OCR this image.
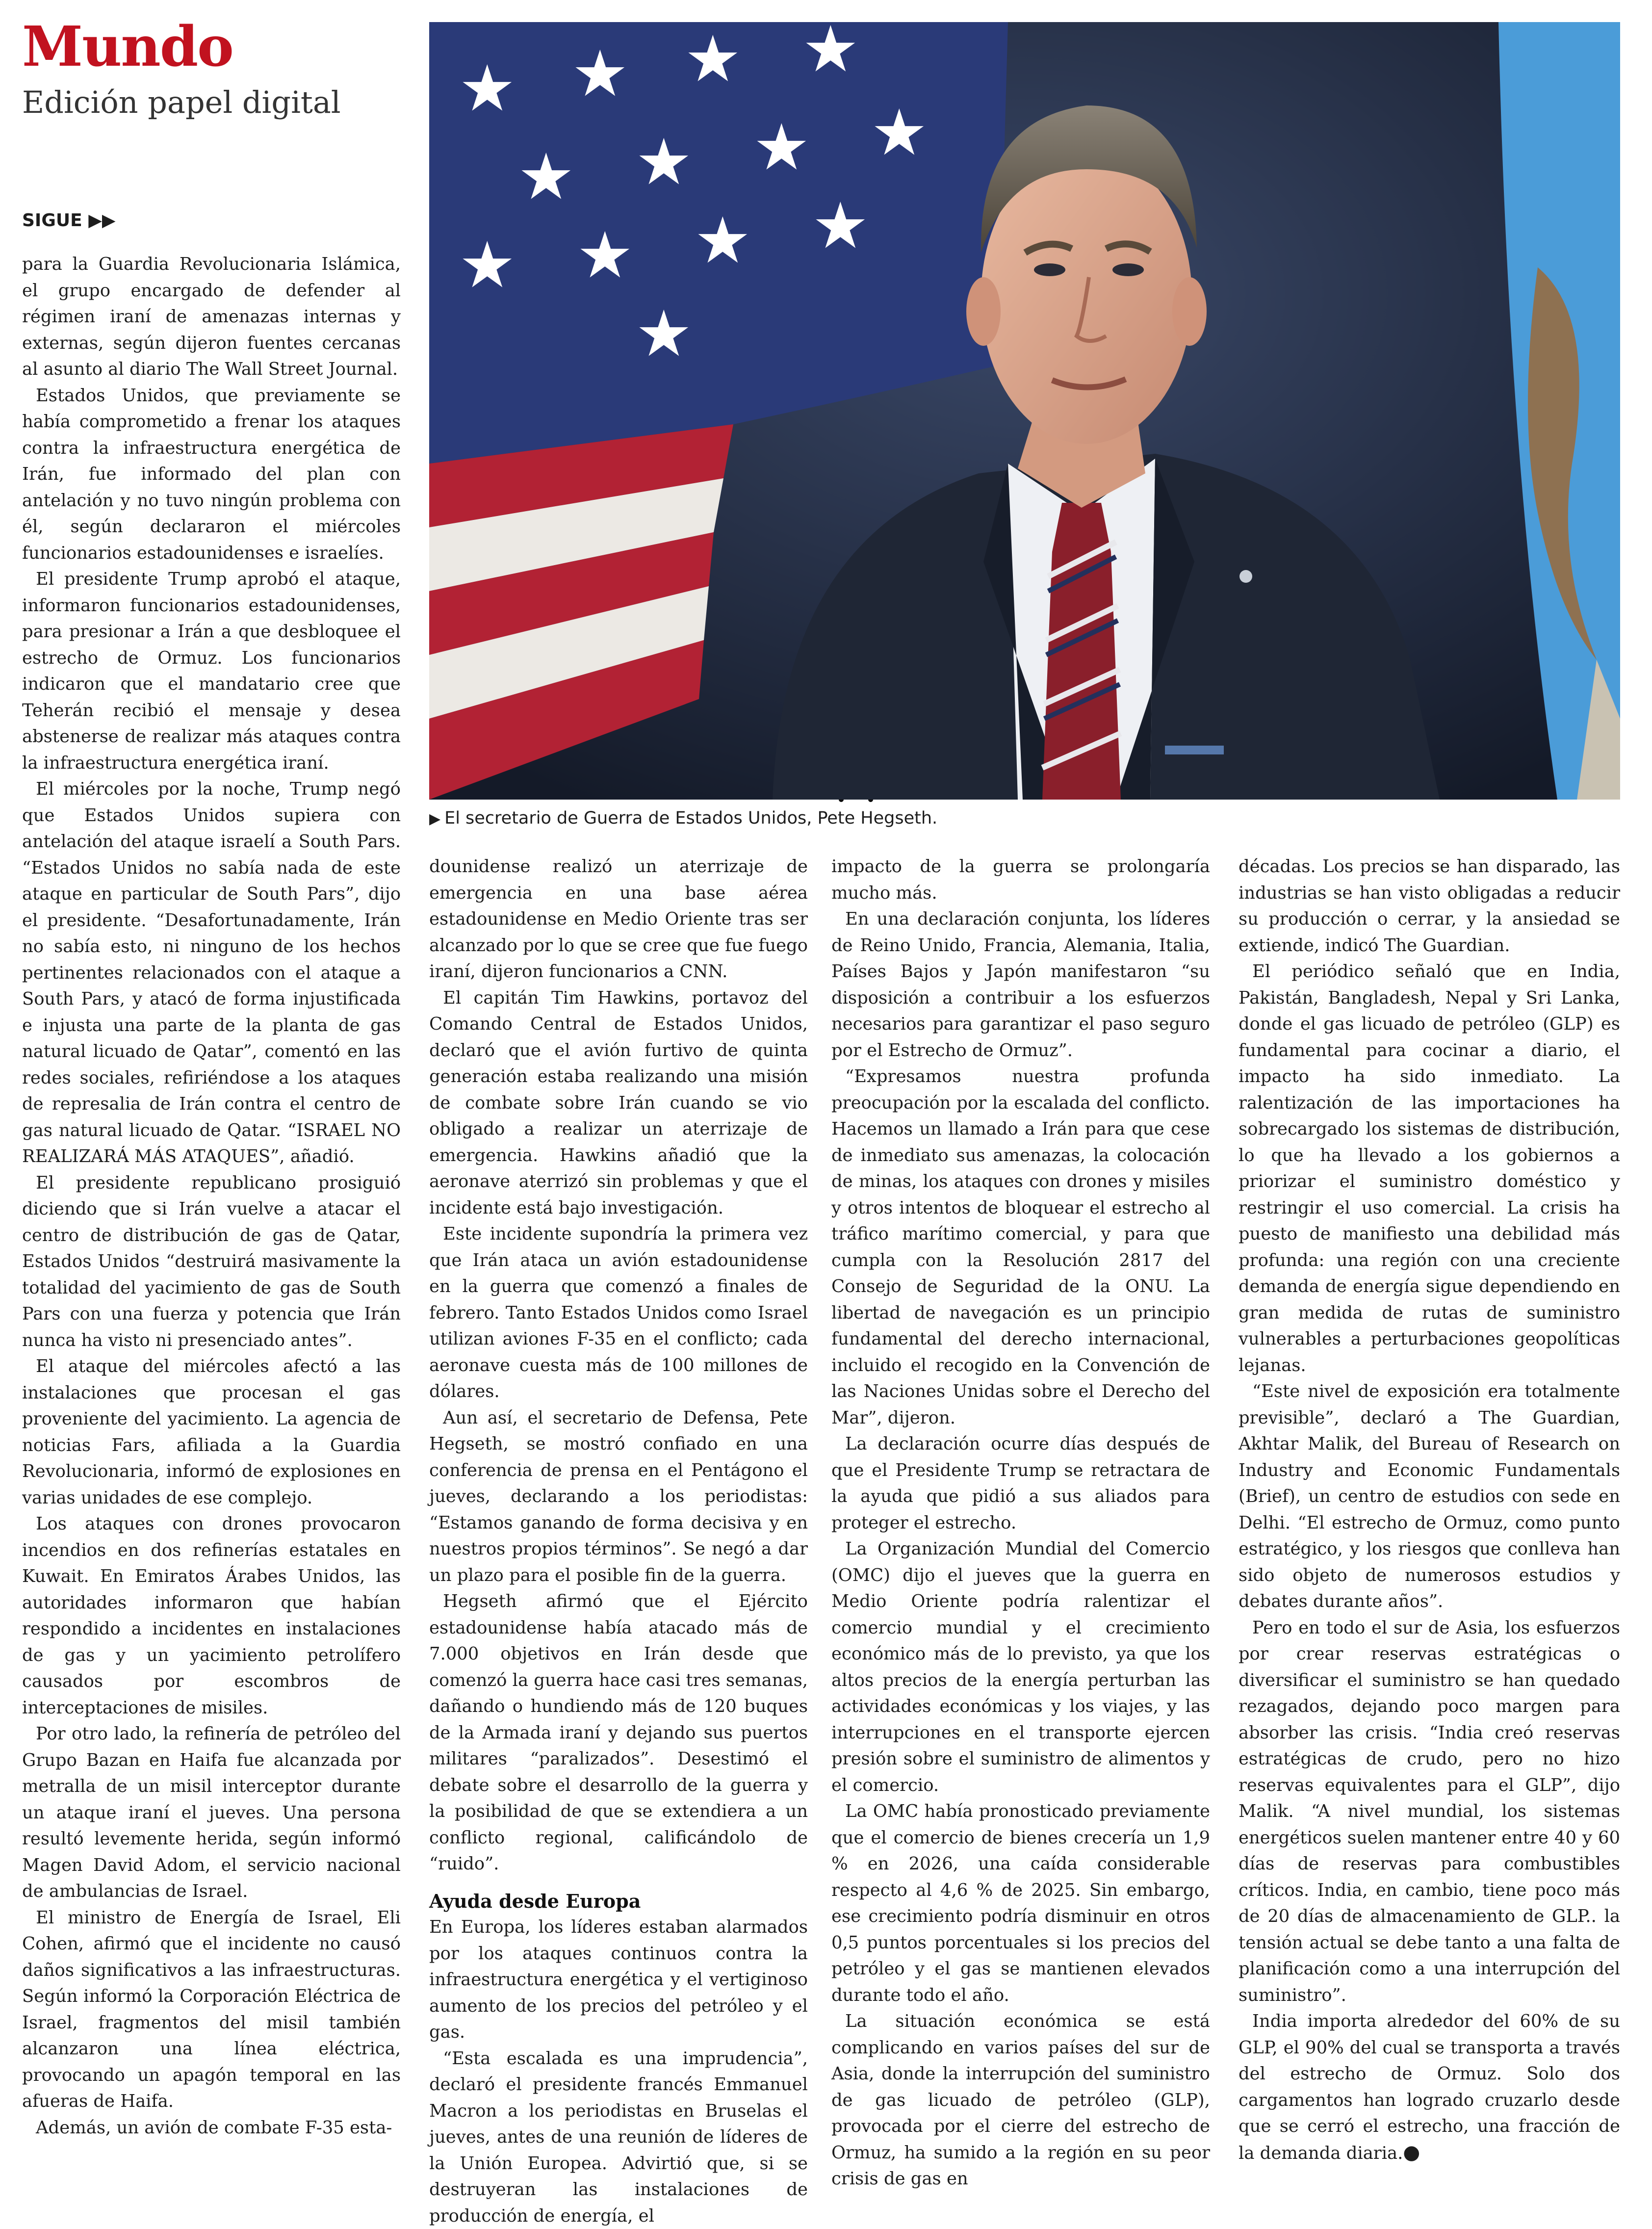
Mundo
Edición papel digital
SIGUE ▶▶
★ ★ ★ ★
★ ★ ★ ★
★ ★ ★ ★
★
▶ El secretario de Guerra de Estados Unidos, Pete Hegseth.

para la Guardia Revolucionaria Islámica, el grupo encargado de defender al régimen iraní de amenazas internas y externas, según dijeron fuentes cercanas al asunto al diario The Wall Street Journal.

Estados Unidos, que previamente se había comprometido a frenar los ataques contra la infraestructura energética de Irán, fue informado del plan con antelación y no tuvo ningún problema con él, según declararon el miércoles funcionarios estadounidenses e israelíes.

El presidente Trump aprobó el ataque, informaron funcionarios estadounidenses, para presionar a Irán a que desbloquee el estrecho de Ormuz. Los funcionarios indicaron que el mandatario cree que Teherán recibió el mensaje y desea abstenerse de realizar más ataques contra la infraestructura energética iraní.

El miércoles por la noche, Trump negó que Estados Unidos supiera con antelación del ataque israelí a South Pars. “Estados Unidos no sabía nada de este ataque en particular de South Pars”, dijo el presidente. “Desafortunadamente, Irán no sabía esto, ni ninguno de los hechos pertinentes relacionados con el ataque a South Pars, y atacó de forma injustificada e injusta una parte de la planta de gas natural licuado de Qatar”, comentó en las redes sociales, refiriéndose a los ataques de represalia de Irán contra el centro de gas natural licuado de Qatar. “ISRAEL NO REALIZARÁ MÁS ATAQUES”, añadió.

El presidente republicano prosiguió diciendo que si Irán vuelve a atacar el centro de distribución de gas de Qatar, Estados Unidos “destruirá masivamente la totalidad del yacimiento de gas de South Pars con una fuerza y potencia que Irán nunca ha visto ni presenciado antes”.

El ataque del miércoles afectó a las instalaciones que procesan el gas proveniente del yacimiento. La agencia de noticias Fars, afiliada a la Guardia Revolucionaria, informó de explosiones en varias unidades de ese complejo.

Los ataques con drones provocaron incendios en dos refinerías estatales en Kuwait. En Emiratos Árabes Unidos, las autoridades informaron que habían respondido a incidentes en instalaciones de gas y un yacimiento petrolífero causados por escombros de interceptaciones de misiles.

Por otro lado, la refinería de petróleo del Grupo Bazan en Haifa fue alcanzada por metralla de un misil interceptor durante un ataque iraní el jueves. Una persona resultó levemente herida, según informó Magen David Adom, el servicio nacional de ambulancias de Israel.

El ministro de Energía de Israel, Eli Cohen, afirmó que el incidente no causó daños significativos a las infraestructuras. Según informó la Corporación Eléctrica de Israel, fragmentos del misil también alcanzaron una línea eléctrica, provocando un apagón temporal en las afueras de Haifa.

Además, un avión de combate F-35 esta-

dounidense realizó un aterrizaje de emergencia en una base aérea estadounidense en Medio Oriente tras ser alcanzado por lo que se cree que fue fuego iraní, dijeron funcionarios a CNN.

El capitán Tim Hawkins, portavoz del Comando Central de Estados Unidos, declaró que el avión furtivo de quinta generación estaba realizando una misión de combate sobre Irán cuando se vio obligado a realizar un aterrizaje de emergencia. Hawkins añadió que la aeronave aterrizó sin problemas y que el incidente está bajo investigación.

Este incidente supondría la primera vez que Irán ataca un avión estadounidense en la guerra que comenzó a finales de febrero. Tanto Estados Unidos como Israel utilizan aviones F-35 en el conflicto; cada aeronave cuesta más de 100 millones de dólares.

Aun así, el secretario de Defensa, Pete Hegseth, se mostró confiado en una conferencia de prensa en el Pentágono el jueves, declarando a los periodistas: “Estamos ganando de forma decisiva y en nuestros propios términos”. Se negó a dar un plazo para el posible fin de la guerra.

Hegseth afirmó que el Ejército estadounidense había atacado más de 7.000 objetivos en Irán desde que comenzó la guerra hace casi tres semanas, dañando o hundiendo más de 120 buques de la Armada iraní y dejando sus puertos militares “paralizados”. Desestimó el debate sobre el desarrollo de la guerra y la posibilidad de que se extendiera a un conflicto regional, calificándolo de “ruido”.

Ayuda desde Europa

En Europa, los líderes estaban alarmados por los ataques continuos contra la infraestructura energética y el vertiginoso aumento de los precios del petróleo y el gas.

“Esta escalada es una imprudencia”, declaró el presidente francés Emmanuel Macron a los periodistas en Bruselas el jueves, antes de una reunión de líderes de la Unión Europea. Advirtió que, si se destruyeran las instalaciones de producción de energía, el

impacto de la guerra se prolongaría mucho más.

En una declaración conjunta, los líderes de Reino Unido, Francia, Alemania, Italia, Países Bajos y Japón manifestaron “su disposición a contribuir a los esfuerzos necesarios para garantizar el paso seguro por el Estrecho de Ormuz”.

“Expresamos nuestra profunda preocupación por la escalada del conflicto. Hacemos un llamado a Irán para que cese de inmediato sus amenazas, la colocación de minas, los ataques con drones y misiles y otros intentos de bloquear el estrecho al tráfico marítimo comercial, y para que cumpla con la Resolución 2817 del Consejo de Seguridad de la ONU. La libertad de navegación es un principio fundamental del derecho internacional, incluido el recogido en la Convención de las Naciones Unidas sobre el Derecho del Mar”, dijeron.

La declaración ocurre días después de que el Presidente Trump se retractara de la ayuda que pidió a sus aliados para proteger el estrecho.

La Organización Mundial del Comercio (OMC) dijo el jueves que la guerra en Medio Oriente podría ralentizar el comercio mundial y el crecimiento económico más de lo previsto, ya que los altos precios de la energía perturban las actividades económicas y los viajes, y las interrupciones en el transporte ejercen presión sobre el suministro de alimentos y el comercio.

La OMC había pronosticado previamente que el comercio de bienes crecería un 1,9 % en 2026, una caída considerable respecto al 4,6 % de 2025. Sin embargo, ese crecimiento podría disminuir en otros 0,5 puntos porcentuales si los precios del petróleo y el gas se mantienen elevados durante todo el año.

La situación económica se está complicando en varios países del sur de Asia, donde la interrupción del suministro de gas licuado de petróleo (GLP), provocada por el cierre del estrecho de Ormuz, ha sumido a la región en su peor crisis de gas en

décadas. Los precios se han disparado, las industrias se han visto obligadas a reducir su producción o cerrar, y la ansiedad se extiende, indicó The Guardian.

El periódico señaló que en India, Pakistán, Bangladesh, Nepal y Sri Lanka, donde el gas licuado de petróleo (GLP) es fundamental para cocinar a diario, el impacto ha sido inmediato. La ralentización de las importaciones ha sobrecargado los sistemas de distribución, lo que ha llevado a los gobiernos a priorizar el suministro doméstico y restringir el uso comercial. La crisis ha puesto de manifiesto una debilidad más profunda: una región con una creciente demanda de energía sigue dependiendo en gran medida de rutas de suministro vulnerables a perturbaciones geopolíticas lejanas.

“Este nivel de exposición era totalmente previsible”, declaró a The Guardian, Akhtar Malik, del Bureau of Research on Industry and Economic Fundamentals (Brief), un centro de estudios con sede en Delhi. “El estrecho de Ormuz, como punto estratégico, y los riesgos que conlleva han sido objeto de numerosos estudios y debates durante años”.

Pero en todo el sur de Asia, los esfuerzos por crear reservas estratégicas o diversificar el suministro se han quedado rezagados, dejando poco margen para absorber las crisis. “India creó reservas estratégicas de crudo, pero no hizo reservas equivalentes para el GLP”, dijo Malik. “A nivel mundial, los sistemas energéticos suelen mantener entre 40 y 60 días de reservas para combustibles críticos. India, en cambio, tiene poco más de 20 días de almacenamiento de GLP.. la tensión actual se debe tanto a una falta de planificación como a una interrupción del suministro”.

India importa alrededor del 60% de su GLP, el 90% del cual se transporta a través del estrecho de Ormuz. Solo dos cargamentos han logrado cruzarlo desde que se cerró el estrecho, una fracción de la demanda diaria.●
